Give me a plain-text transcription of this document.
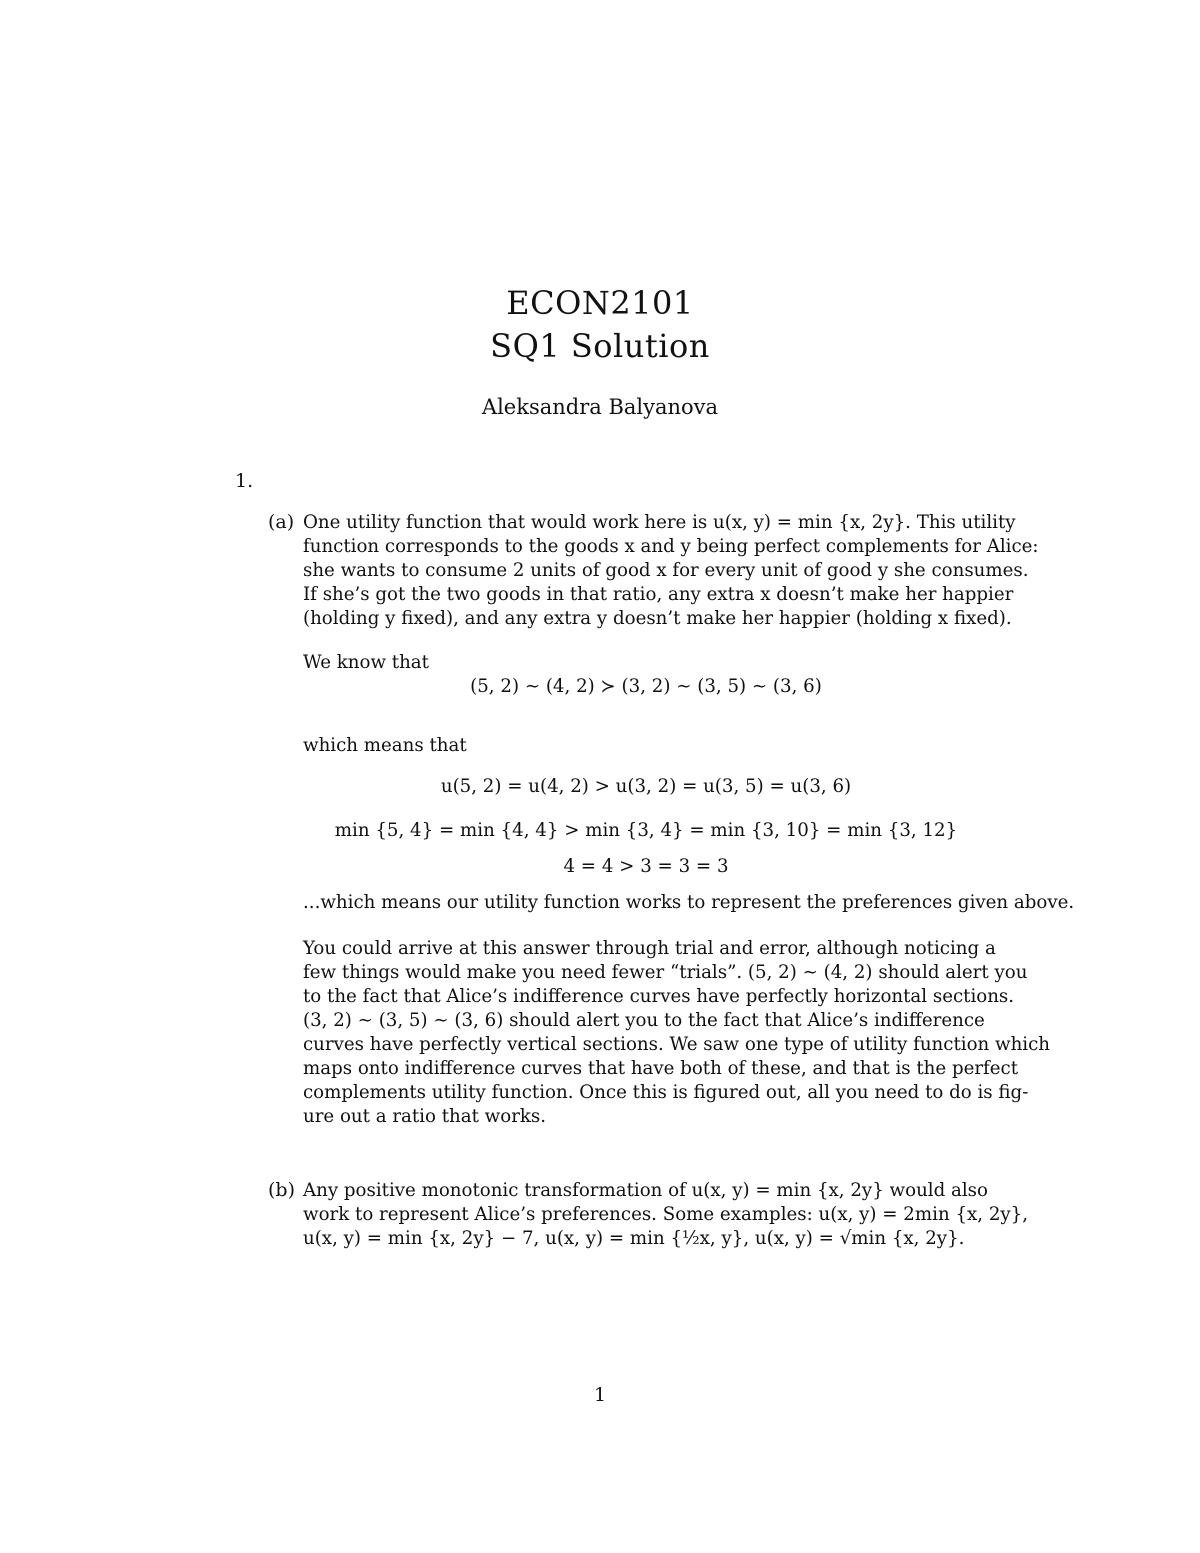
ECON2101
SQ1 Solution
Aleksandra Balyanova
1.
(a) One utility function that would work here is u(x, y) = min {x, 2y}. This utility
function corresponds to the goods x and y being perfect complements for Alice:
she wants to consume 2 units of good x for every unit of good y she consumes.
If she’s got the two goods in that ratio, any extra x doesn’t make her happier
(holding y fixed), and any extra y doesn’t make her happier (holding x fixed).
We know that
(5, 2) ∼ (4, 2) ≻ (3, 2) ∼ (3, 5) ∼ (3, 6)
which means that
u(5, 2) = u(4, 2) > u(3, 2) = u(3, 5) = u(3, 6)
min {5, 4} = min {4, 4} > min {3, 4} = min {3, 10} = min {3, 12}
4 = 4 > 3 = 3 = 3
...which means our utility function works to represent the preferences given above.
You could arrive at this answer through trial and error, although noticing a
few things would make you need fewer “trials”. (5, 2) ∼ (4, 2) should alert you
to the fact that Alice’s indifference curves have perfectly horizontal sections.
(3, 2) ∼ (3, 5) ∼ (3, 6) should alert you to the fact that Alice’s indifference
curves have perfectly vertical sections. We saw one type of utility function which
maps onto indifference curves that have both of these, and that is the perfect
complements utility function. Once this is figured out, all you need to do is fig-
ure out a ratio that works.
(b) Any positive monotonic transformation of u(x, y) = min {x, 2y} would also
work to represent Alice’s preferences. Some examples: u(x, y) = 2min {x, 2y},
u(x, y) = min {x, 2y} − 7, u(x, y) = min {½x, y}, u(x, y) = √min {x, 2y}.
1
